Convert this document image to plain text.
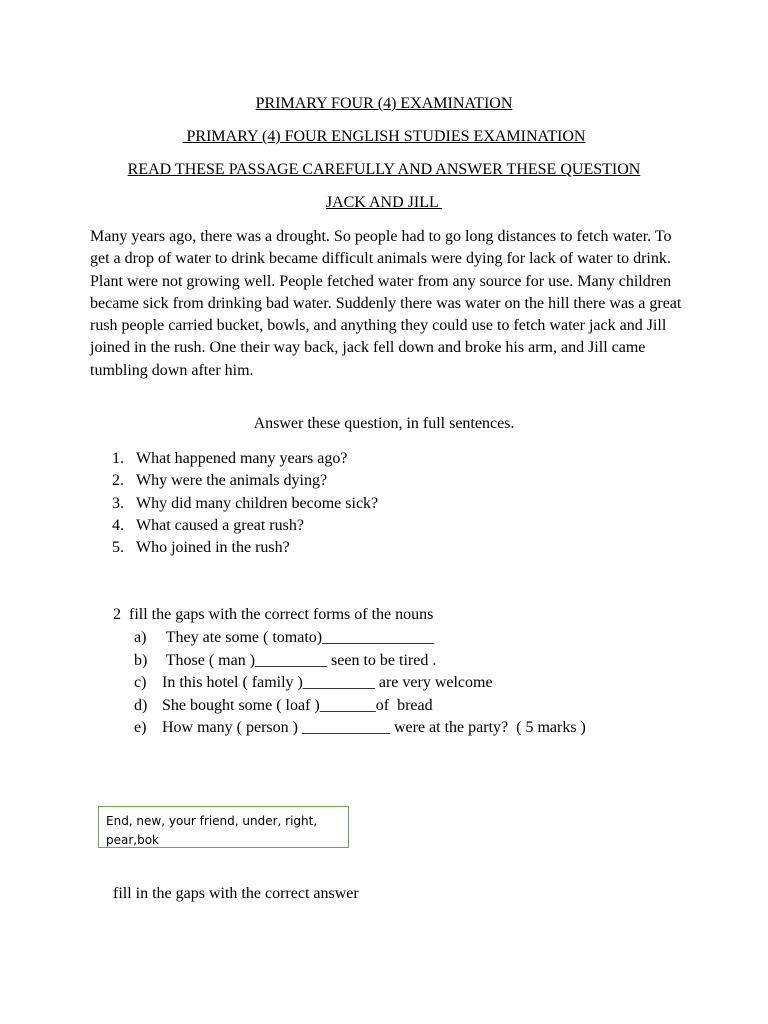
PRIMARY FOUR (4) EXAMINATION
PRIMARY (4) FOUR ENGLISH STUDIES EXAMINATION
READ THESE PASSAGE CAREFULLY AND ANSWER THESE QUESTION
JACK AND JILL
Many years ago, there was a drought. So people had to go long distances to fetch water. To get a drop of water to drink became difficult animals were dying for lack of water to drink. Plant were not growing well. People fetched water from any source for use. Many children became sick from drinking bad water. Suddenly there was water on the hill there was a great rush people carried bucket, bowls, and anything they could use to fetch water jack and Jill joined in the rush. One their way back, jack fell down and broke his arm, and Jill came tumbling down after him.
Answer these question, in full sentences.
1. What happened many years ago?
2. Why were the animals dying?
3. Why did many children become sick?
4. What caused a great rush?
5. Who joined in the rush?
2  fill the gaps with the correct forms of the nouns
a) They ate some ( tomato)______________
b) Those ( man )_________ seen to be tired .
c) In this hotel ( family )_________ are very welcome
d) She bought some ( loaf )_______of  bread
e) How many ( person ) ___________ were at the party?  ( 5 marks )
End, new, your friend, under, right, pear,bok
fill in the gaps with the correct answer
